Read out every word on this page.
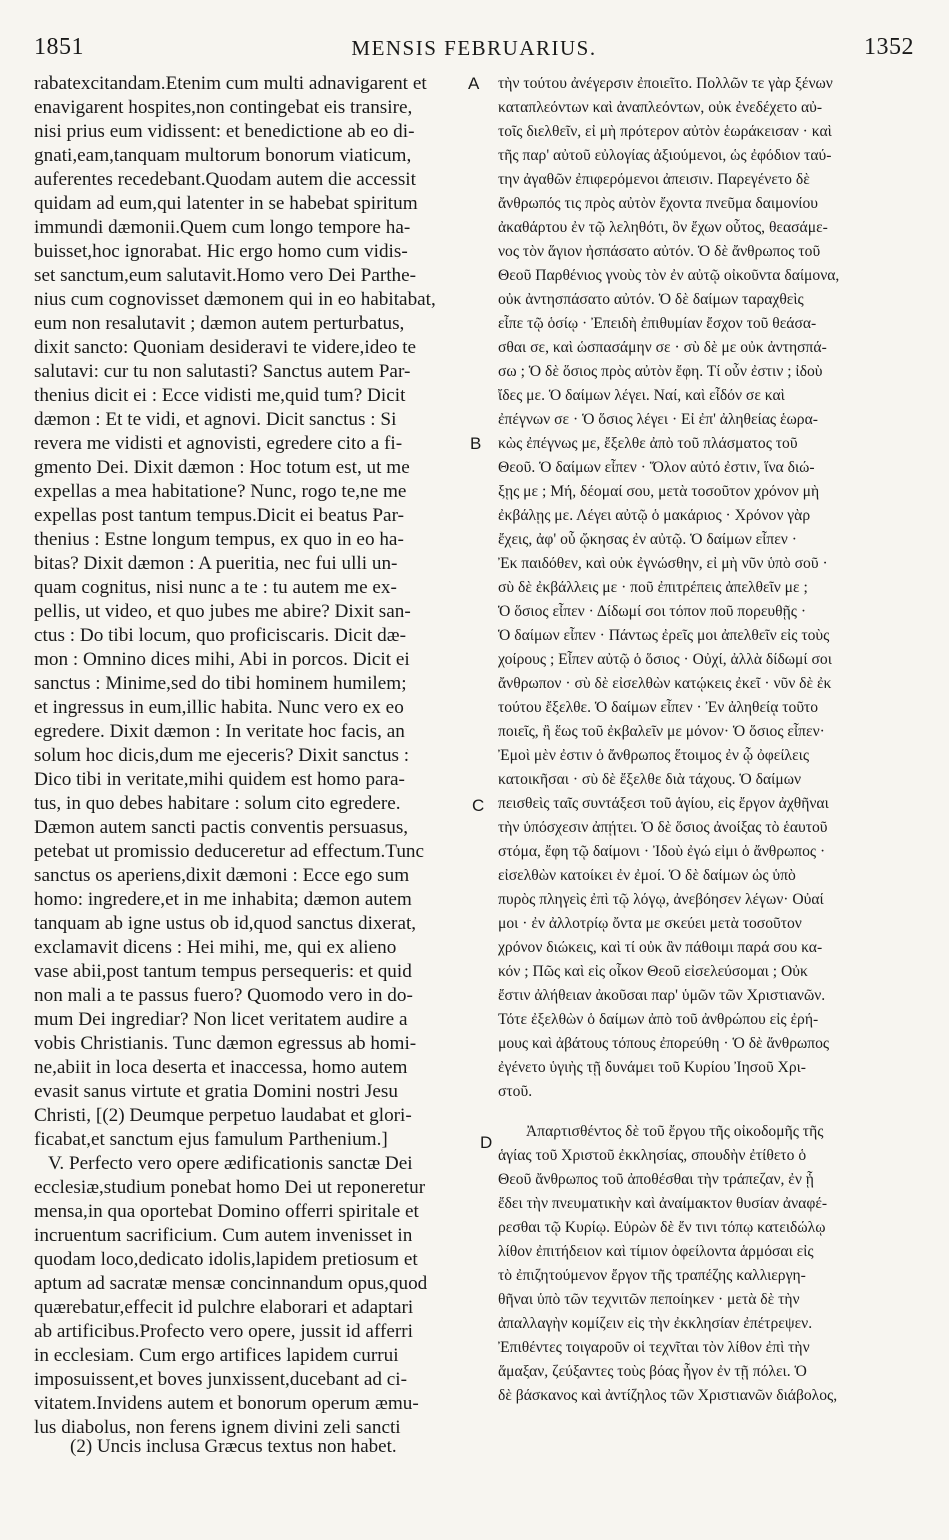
1851	MENSIS FEBRUARIUS.	1352

rabatexcitandam.Etenim cum multi adnavigarent et

enavigarent hospites,non contingebat eis transire,

nisi prius eum vidissent: et benedictione ab eo di-

gnati,eam,tanquam multorum bonorum viaticum,

auferentes recedebant.Quodam autem die accessit

quidam ad eum,qui latenter in se habebat spiritum

immundi dæmonii.Quem cum longo tempore ha-

buisset,hoc ignorabat. Hic ergo homo cum vidis-

set sanctum,eum salutavit.Homo vero Dei Parthe-

nius cum cognovisset dæmonem qui in eo habitabat,

eum non resalutavit ; dæmon autem perturbatus,

dixit sancto: Quoniam desideravi te videre,ideo te

salutavi: cur tu non salutasti? Sanctus autem Par-

thenius dicit ei : Ecce vidisti me,quid tum? Dicit

dæmon : Et te vidi, et agnovi. Dicit sanctus : Si

revera me vidisti et agnovisti, egredere cito a fi-

gmento Dei. Dixit dæmon : Hoc totum est, ut me

expellas a mea habitatione? Nunc, rogo te,ne me

expellas post tantum tempus.Dicit ei beatus Par-

thenius : Estne longum tempus, ex quo in eo ha-

bitas? Dixit dæmon : A pueritia, nec fui ulli un-

quam cognitus, nisi nunc a te : tu autem me ex-

pellis, ut video, et quo jubes me abire? Dixit san-

ctus : Do tibi locum, quo proficiscaris. Dicit dæ-

mon : Omnino dices mihi, Abi in porcos. Dicit ei

sanctus : Minime,sed do tibi hominem humilem;

et ingressus in eum,illic habita. Nunc vero ex eo

egredere. Dixit dæmon : In veritate hoc facis, an

solum hoc dicis,dum me ejeceris? Dixit sanctus :

Dico tibi in veritate,mihi quidem est homo para-

tus, in quo debes habitare : solum cito egredere.

Dæmon autem sancti pactis conventis persuasus,

petebat ut promissio deduceretur ad effectum.Tunc

sanctus os aperiens,dixit dæmoni : Ecce ego sum

homo: ingredere,et in me inhabita; dæmon autem

tanquam ab igne ustus ob id,quod sanctus dixerat,

exclamavit dicens : Hei mihi, me, qui ex alieno

vase abii,post tantum tempus persequeris: et quid

non mali a te passus fuero? Quomodo vero in do-

mum Dei ingrediar? Non licet veritatem audire a

vobis Christianis. Tunc dæmon egressus ab homi-

ne,abiit in loca deserta et inaccessa, homo autem

evasit sanus virtute et gratia Domini nostri Jesu

Christi, [(2) Deumque perpetuo laudabat et glori-

ficabat,et sanctum ejus famulum Parthenium.]

V. Perfecto vero opere ædificationis sanctæ Dei

ecclesiæ,studium ponebat homo Dei ut reponeretur

mensa,in qua oportebat Domino offerri spiritale et

incruentum sacrificium. Cum autem invenisset in

quodam loco,dedicato idolis,lapidem pretiosum et

aptum ad sacratæ mensæ concinnandum opus,quod

quærebatur,effecit id pulchre elaborari et adaptari

ab artificibus.Profecto vero opere, jussit id afferri

in ecclesiam. Cum ergo artifices lapidem currui

imposuissent,et boves junxissent,ducebant ad ci-

vitatem.Invidens autem et bonorum operum æmu-

lus diabolus, non ferens ignem divini zeli sancti

τὴν τούτου ἀνέγερσιν ἐποιεῖτο. Πολλῶν τε γὰρ ξένων

καταπλεόντων καὶ ἀναπλεόντων, οὐκ ἐνεδέχετο αὐ-

τοῖς διελθεῖν, εἰ μὴ πρότερον αὐτὸν ἑωράκεισαν · καὶ

τῆς παρ' αὐτοῦ εὐλογίας ἀξιούμενοι, ὡς ἐφόδιον ταύ-

την ἀγαθῶν ἐπιφερόμενοι ἀπεισιν. Παρεγένετο δὲ

ἄνθρωπός τις πρὸς αὐτὸν ἔχοντα πνεῦμα δαιμονίου

ἀκαθάρτου ἐν τῷ λεληθότι, ὃν ἔχων οὗτος, θεασάμε-

νος τὸν ἅγιον ἠσπάσατο αὐτόν. Ὁ δὲ ἄνθρωπος τοῦ

Θεοῦ Παρθένιος γνοὺς τὸν ἐν αὐτῷ οἰκοῦντα δαίμονα,

οὐκ ἀντησπάσατο αὐτόν. Ὁ δὲ δαίμων ταραχθεὶς

εἶπε τῷ ὁσίῳ · Ἐπειδὴ ἐπιθυμίαν ἔσχον τοῦ θεάσα-

σθαι σε, καὶ ὡσπασάμην σε · σὺ δὲ με οὐκ ἀντησπά-

σω ; Ὁ δὲ ὅσιος πρὸς αὐτὸν ἔφη. Τί οὖν ἐστιν ; ἰδοὺ

ἴδες με. Ὁ δαίμων λέγει. Ναί, καὶ εἶδόν σε καὶ

ἐπέγνων σε · Ὁ ὅσιος λέγει · Εἰ ἐπ' ἀληθείας ἑωρα-

κὼς ἐπέγνως με, ἔξελθε ἀπὸ τοῦ πλάσματος τοῦ

Θεοῦ. Ὁ δαίμων εἶπεν · Ὅλον αὐτό ἐστιν, ἵνα διώ-

ξῃς με ; Μή, δέομαί σου, μετὰ τοσοῦτον χρόνον μὴ

ἐκβάλῃς με. Λέγει αὐτῷ ὁ μακάριος · Χρόνον γὰρ

ἔχεις, ἀφ' οὗ ᾤκησας ἐν αὐτῷ. Ὁ δαίμων εἶπεν ·

Ἐκ παιδόθεν, καὶ οὐκ ἐγνώσθην, εἰ μὴ νῦν ὑπὸ σοῦ ·

σὺ δὲ ἐκβάλλεις με · ποῦ ἐπιτρέπεις ἀπελθεῖν με ;

Ὁ ὅσιος εἶπεν · Δίδωμί σοι τόπον ποῦ πορευθῇς ·

Ὁ δαίμων εἶπεν · Πάντως ἐρεῖς μοι ἀπελθεῖν εἰς τοὺς

χοίρους ; Εἶπεν αὐτῷ ὁ ὅσιος · Οὐχί, ἀλλὰ δίδωμί σοι

ἄνθρωπον · σὺ δὲ εἰσελθὼν κατῴκεις ἐκεῖ · νῦν δὲ ἐκ

τούτου ἔξελθε. Ὁ δαίμων εἶπεν · Ἐν ἀληθείᾳ τοῦτο

ποιεῖς, ἢ ἕως τοῦ ἐκβαλεῖν με μόνον· Ὁ ὅσιος εἶπεν·

Ἐμοὶ μὲν ἐστιν ὁ ἄνθρωπος ἕτοιμος ἐν ᾧ ὀφείλεις

κατοικῆσαι · σὺ δὲ ἔξελθε διὰ τάχους. Ὁ δαίμων

πεισθεὶς ταῖς συντάξεσι τοῦ ἁγίου, εἰς ἔργον ἀχθῆναι

τὴν ὑπόσχεσιν ἀπῄτει. Ὁ δὲ ὅσιος ἀνοίξας τὸ ἑαυτοῦ

στόμα, ἔφη τῷ δαίμονι · Ἰδοὺ ἐγώ εἰμι ὁ ἄνθρωπος ·

εἰσελθὼν κατοίκει ἐν ἐμοί. Ὁ δὲ δαίμων ὡς ὑπὸ

πυρὸς πληγεὶς ἐπὶ τῷ λόγῳ, ἀνεβόησεν λέγων· Οὐαί

μοι · ἐν ἀλλοτρίῳ ὄντα με σκεύει μετὰ τοσοῦτον

χρόνον διώκεις, καὶ τί οὐκ ἂν πάθοιμι παρά σου κα-

κόν ; Πῶς καὶ εἰς οἶκον Θεοῦ εἰσελεύσομαι ; Οὐκ

ἔστιν ἀλήθειαν ἀκοῦσαι παρ' ὑμῶν τῶν Χριστιανῶν.

Τότε ἐξελθὼν ὁ δαίμων ἀπὸ τοῦ ἀνθρώπου εἰς ἐρή-

μους καὶ ἀβάτους τόπους ἐπορεύθη · Ὁ δὲ ἄνθρωπος

ἐγένετο ὑγιὴς τῇ δυνάμει τοῦ Κυρίου Ἰησοῦ Χρι-

στοῦ.

Ἀπαρτισθέντος δὲ τοῦ ἔργου τῆς οἰκοδομῆς τῆς

ἁγίας τοῦ Χριστοῦ ἐκκλησίας, σπουδὴν ἐτίθετο ὁ

Θεοῦ ἄνθρωπος τοῦ ἀποθέσθαι τὴν τράπεζαν, ἐν ᾗ

ἔδει τὴν πνευματικὴν καὶ ἀναίμακτον θυσίαν ἀναφέ-

ρεσθαι τῷ Κυρίῳ. Εὑρὼν δὲ ἔν τινι τόπῳ κατειδώλῳ

λίθον ἐπιτήδειον καὶ τίμιον ὀφείλοντα ἁρμόσαι εἰς

τὸ ἐπιζητούμενον ἔργον τῆς τραπέζης καλλιεργη-

θῆναι ὑπὸ τῶν τεχνιτῶν πεποίηκεν · μετὰ δὲ τὴν

ἀπαλλαγὴν κομίζειν εἰς τὴν ἐκκλησίαν ἐπέτρεψεν.

Ἐπιθέντες τοιγαροῦν οἱ τεχνῖται τὸν λίθον ἐπὶ τὴν

ἅμαξαν, ζεύξαντες τοὺς βόας ἦγον ἐν τῇ πόλει. Ὁ

δὲ βάσκανος καὶ ἀντίζηλος τῶν Χριστιανῶν διάβολος,

A
B
C
D
(2) Uncis inclusa Græcus textus non habet.
